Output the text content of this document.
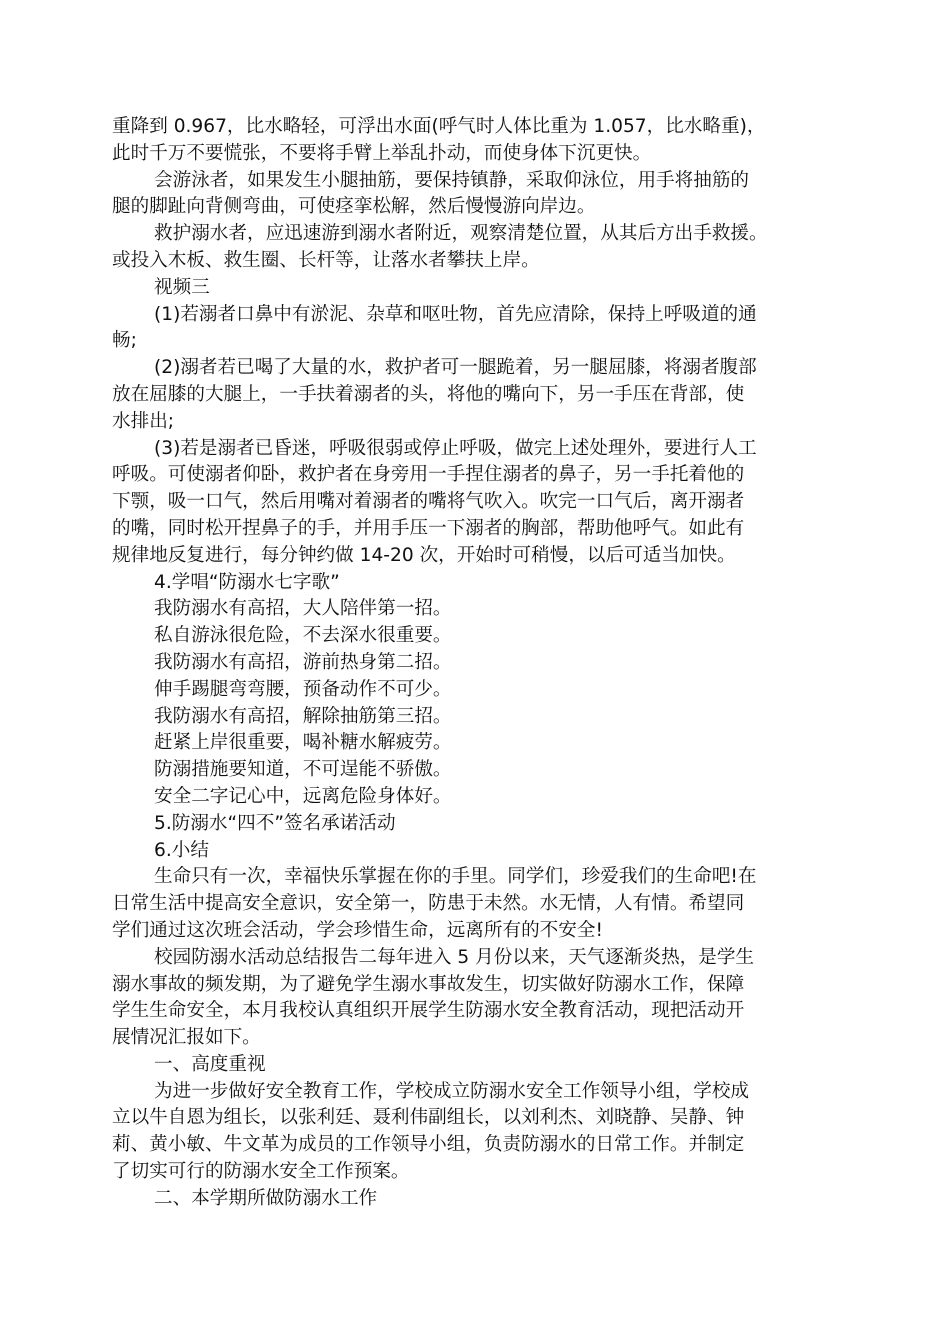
重降到 0.967，比水略轻，可浮出水面(呼气时人体比重为 1.057，比水略重)，
此时千万不要慌张，不要将手臂上举乱扑动，而使身体下沉更快。
会游泳者，如果发生小腿抽筋，要保持镇静，采取仰泳位，用手将抽筋的
腿的脚趾向背侧弯曲，可使痉挛松解，然后慢慢游向岸边。
救护溺水者，应迅速游到溺水者附近，观察清楚位置，从其后方出手救援。
或投入木板、救生圈、长杆等，让落水者攀扶上岸。
视频三
(1)若溺者口鼻中有淤泥、杂草和呕吐物，首先应清除，保持上呼吸道的通
畅;
(2)溺者若已喝了大量的水，救护者可一腿跪着，另一腿屈膝，将溺者腹部
放在屈膝的大腿上，一手扶着溺者的头，将他的嘴向下，另一手压在背部，使
水排出;
(3)若是溺者已昏迷，呼吸很弱或停止呼吸，做完上述处理外，要进行人工
呼吸。可使溺者仰卧，救护者在身旁用一手捏住溺者的鼻子，另一手托着他的
下颚，吸一口气，然后用嘴对着溺者的嘴将气吹入。吹完一口气后，离开溺者
的嘴，同时松开捏鼻子的手，并用手压一下溺者的胸部，帮助他呼气。如此有
规律地反复进行，每分钟约做 14-20 次，开始时可稍慢，以后可适当加快。
4.学唱“防溺水七字歌”
我防溺水有高招，大人陪伴第一招。
私自游泳很危险，不去深水很重要。
我防溺水有高招，游前热身第二招。
伸手踢腿弯弯腰，预备动作不可少。
我防溺水有高招，解除抽筋第三招。
赶紧上岸很重要，喝补糖水解疲劳。
防溺措施要知道，不可逞能不骄傲。
安全二字记心中，远离危险身体好。
5.防溺水“四不”签名承诺活动
6.小结
生命只有一次，幸福快乐掌握在你的手里。同学们，珍爱我们的生命吧!在
日常生活中提高安全意识，安全第一，防患于未然。水无情，人有情。希望同
学们通过这次班会活动，学会珍惜生命，远离所有的不安全!
校园防溺水活动总结报告二每年进入 5 月份以来，天气逐渐炎热，是学生
溺水事故的频发期，为了避免学生溺水事故发生，切实做好防溺水工作，保障
学生生命安全，本月我校认真组织开展学生防溺水安全教育活动，现把活动开
展情况汇报如下。
一、高度重视
为进一步做好安全教育工作，学校成立防溺水安全工作领导小组，学校成
立以牛自恩为组长，以张利廷、聂利伟副组长，以刘利杰、刘晓静、吴静、钟
莉、黄小敏、牛文革为成员的工作领导小组，负责防溺水的日常工作。并制定
了切实可行的防溺水安全工作预案。
二、本学期所做防溺水工作
